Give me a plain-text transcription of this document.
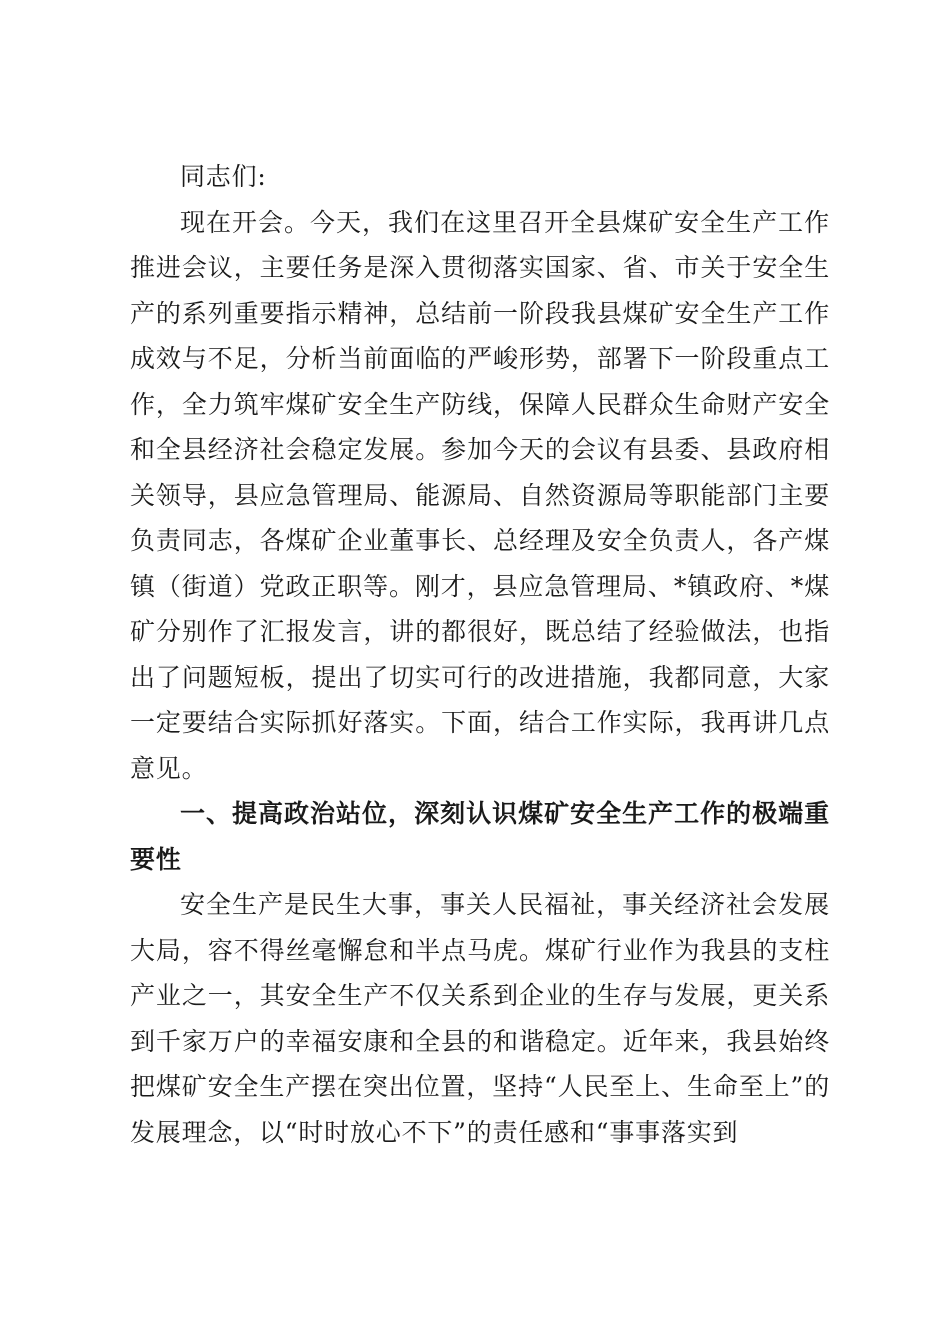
同志们:

现在开会。今天，我们在这里召开全县煤矿安全生产工作推进会议，主要任务是深入贯彻落实国家、省、市关于安全生产的系列重要指示精神，总结前一阶段我县煤矿安全生产工作成效与不足，分析当前面临的严峻形势，部署下一阶段重点工作，全力筑牢煤矿安全生产防线，保障人民群众生命财产安全和全县经济社会稳定发展。参加今天的会议有县委、县政府相关领导，县应急管理局、能源局、自然资源局等职能部门主要负责同志，各煤矿企业董事长、总经理及安全负责人，各产煤镇（街道）党政正职等。刚才，县应急管理局、*镇政府、*煤矿分别作了汇报发言，讲的都很好，既总结了经验做法，也指出了问题短板，提出了切实可行的改进措施，我都同意，大家一定要结合实际抓好落实。下面，结合工作实际，我再讲几点意见。

一、提高政治站位，深刻认识煤矿安全生产工作的极端重要性

安全生产是民生大事，事关人民福祉，事关经济社会发展大局，容不得丝毫懈怠和半点马虎。煤矿行业作为我县的支柱产业之一，其安全生产不仅关系到企业的生存与发展，更关系到千家万户的幸福安康和全县的和谐稳定。近年来，我县始终把煤矿安全生产摆在突出位置，坚持“人民至上、生命至上”的发展理念，以“时时放心不下”的责任感和“事事落实到
